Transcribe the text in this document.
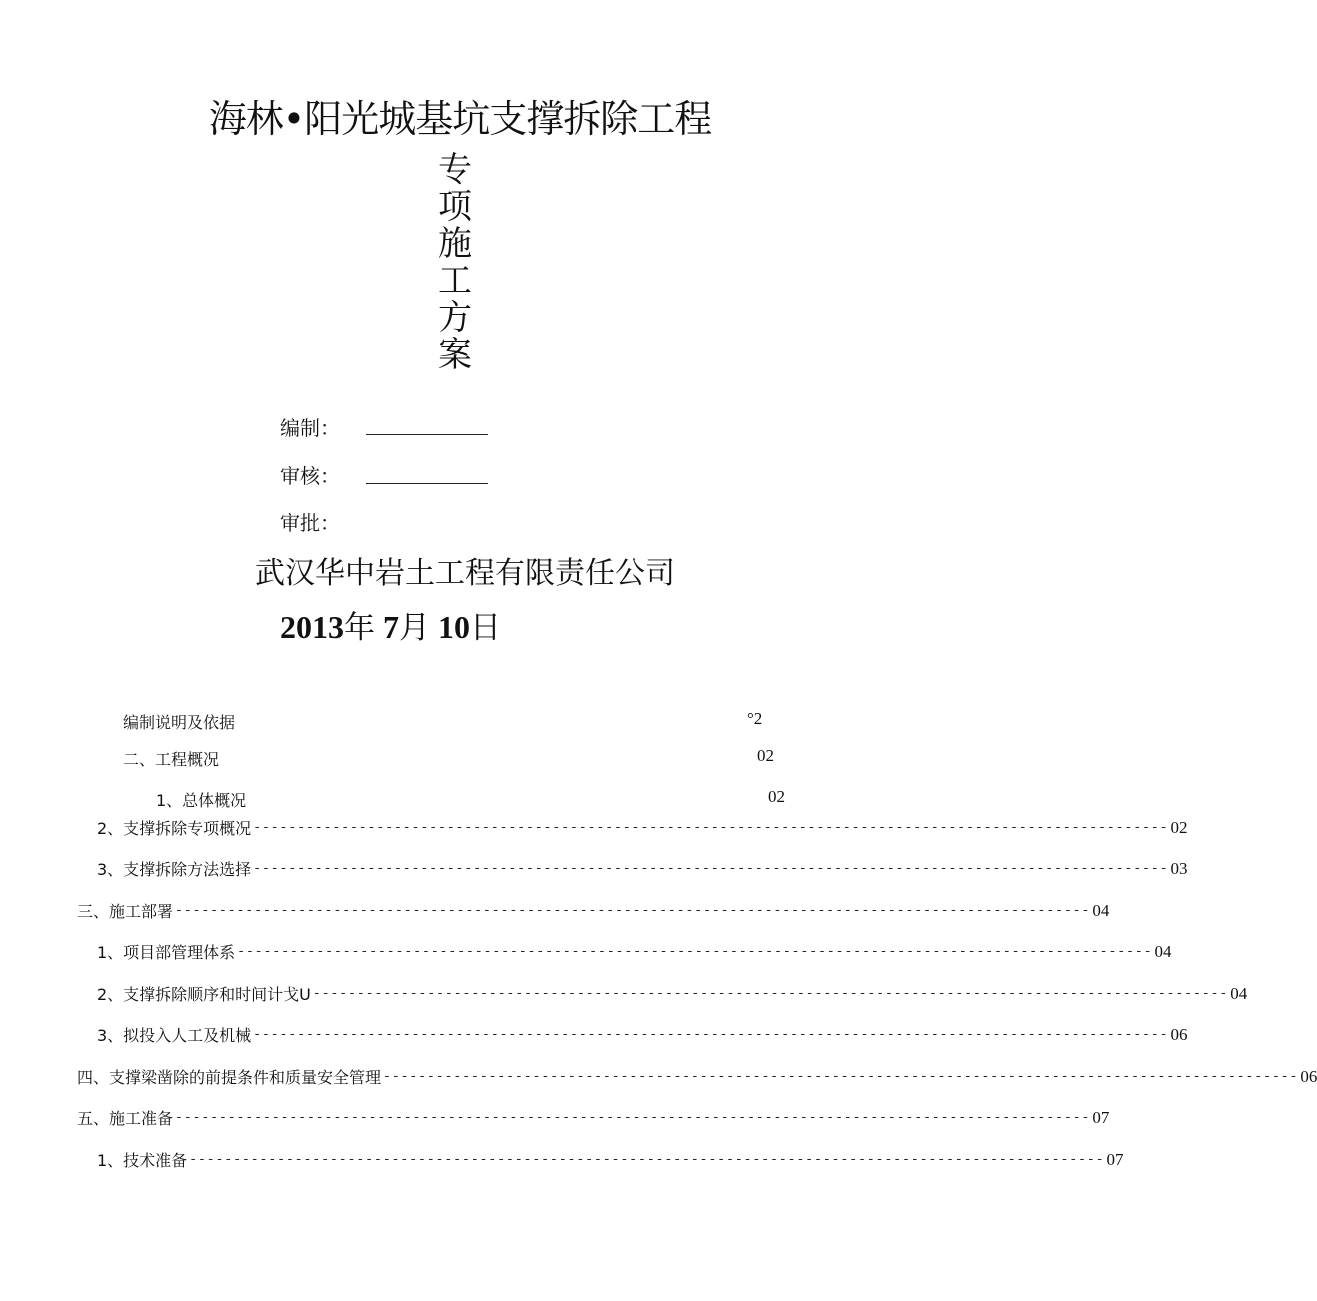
海林•阳光城基坑支撑拆除工程
专
项
施
工
方
案
编制：
审核：
审批：
武汉华中岩土工程有限责任公司
2013年 7月 10日
编制说明及依据	°2
二、工程概况	02
1、总体概况	02
2、支撑拆除专项概况 -------------------------------------------------------------------------------------------------------- 02
3、支撑拆除方法选择 -------------------------------------------------------------------------------------------------------- 03
三、施工部署 -------------------------------------------------------------------------------------------------------- 04
1、项目部管理体系 -------------------------------------------------------------------------------------------------------- 04
2、支撑拆除顺序和时间计戈U -------------------------------------------------------------------------------------------------------- 04
3、拟投入人工及机械 -------------------------------------------------------------------------------------------------------- 06
四、支撑梁凿除的前提条件和质量安全管理 -------------------------------------------------------------------------------------------------------- 06
五、施工准备 -------------------------------------------------------------------------------------------------------- 07
1、技术准备 -------------------------------------------------------------------------------------------------------- 07
